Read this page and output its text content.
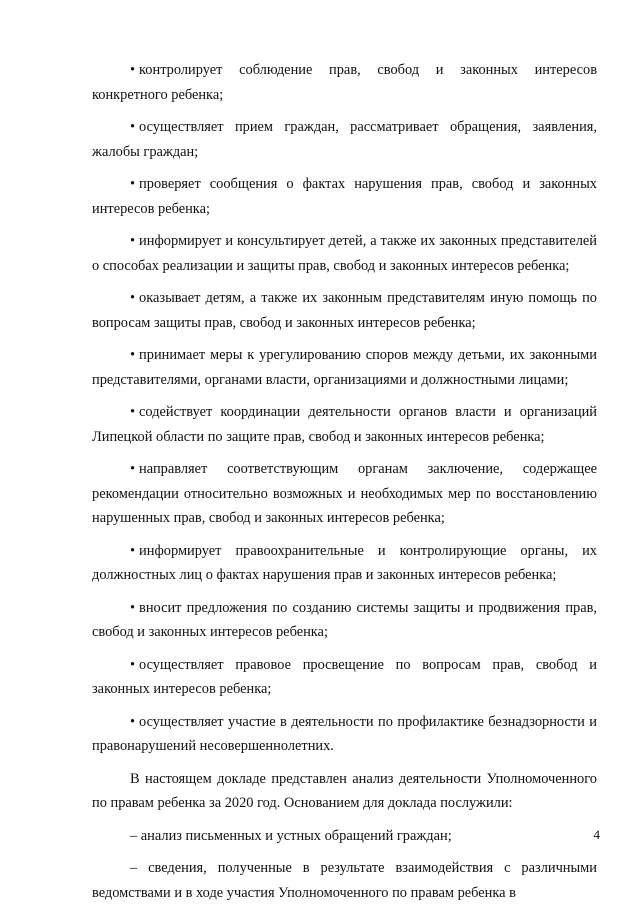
• контролирует соблюдение прав, свобод и законных интересов конкретного ребенка;

• осуществляет прием граждан, рассматривает обращения, заявления, жалобы граждан;

• проверяет сообщения о фактах нарушения прав, свобод и законных интересов ребенка;

• информирует и консультирует детей, а также их законных представителей о способах реализации и защиты прав, свобод и законных интересов ребенка;

• оказывает детям, а также их законным представителям иную помощь по вопросам защиты прав, свобод и законных интересов ребенка;

• принимает меры к урегулированию споров между детьми, их законными представителями, органами власти, организациями и должностными лицами;

• содействует координации деятельности органов власти и организаций Липецкой области по защите прав, свобод и законных интересов ребенка;

• направляет соответствующим органам заключение, содержащее рекомендации относительно возможных и необходимых мер по восстановлению нарушенных прав, свобод и законных интересов ребенка;

• информирует правоохранительные и контролирующие органы, их должностных лиц о фактах нарушения прав и законных интересов ребенка;

• вносит предложения по созданию системы защиты и продвижения прав, свобод и законных интересов ребенка;

• осуществляет правовое просвещение по вопросам прав, свобод и законных интересов ребенка;

• осуществляет участие в деятельности по профилактике безнадзорности и правонарушений несовершеннолетних.

В настоящем докладе представлен анализ деятельности Уполномоченного по правам ребенка за 2020 год. Основанием для доклада послужили:

– анализ письменных и устных обращений граждан;

– сведения, полученные в результате взаимодействия с различными ведомствами и в ходе участия Уполномоченного по правам ребенка в

4
